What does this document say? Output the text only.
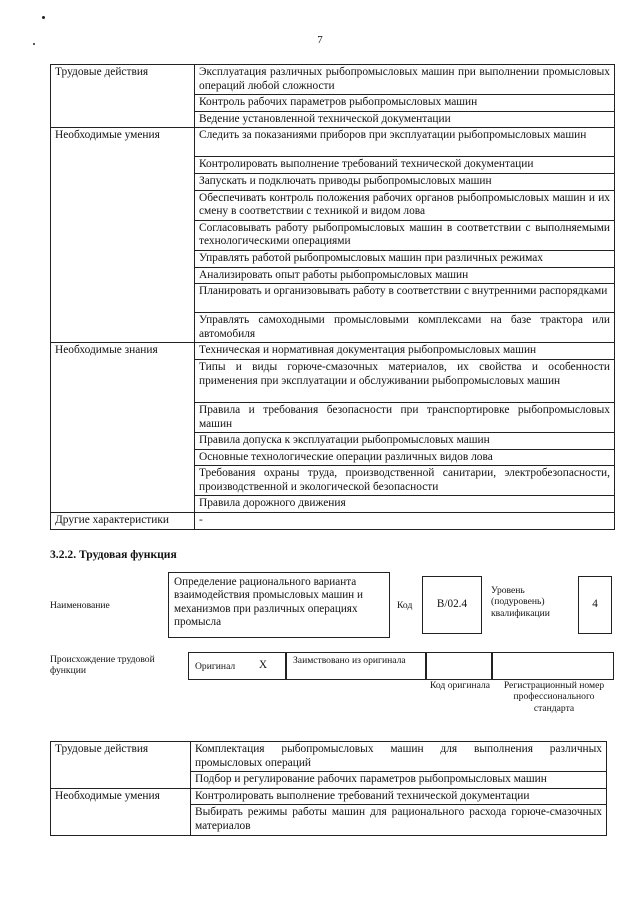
7
Трудовые действия	Эксплуатация различных рыбопромысловых машин при выполнении промысловых операций любой сложности
	Контроль рабочих параметров рыбопромысловых машин
	Ведение установленной технической документации
Необходимые умения	Следить за показаниями приборов при эксплуатации рыбопромысловых машин
	Контролировать выполнение требований технической документации
	Запускать и подключать приводы рыбопромысловых машин
	Обеспечивать контроль положения рабочих органов рыбопромысловых машин и их смену в соответствии с техникой и видом лова
	Согласовывать работу рыбопромысловых машин в соответствии с выполняемыми технологическими операциями
	Управлять работой рыбопромысловых машин при различных режимах
	Анализировать опыт работы рыбопромысловых машин
	Планировать и организовывать работу в соответствии с внутренними распорядками
	Управлять самоходными промысловыми комплексами на базе трактора или автомобиля
Необходимые знания	Техническая и нормативная документация рыбопромысловых машин
	Типы и виды горюче-смазочных материалов, их свойства и особенности применения при эксплуатации и обслуживании рыбопромысловых машин
	Правила и требования безопасности при транспортировке рыбопромысловых машин
	Правила допуска к эксплуатации рыбопромысловых машин
	Основные технологические операции различных видов лова
	Требования охраны труда, производственной санитарии, электробезопасности, производственной и экологической безопасности
	Правила дорожного движения
Другие характеристики	-
3.2.2. Трудовая функция
Наименование
Определение рационального варианта взаимодействия промысловых машин и механизмов при различных операциях промысла
Код B/02.4
Уровень (подуровень) квалификации
4
Происхождение трудовой функции	Оригинал X	Заимствовано из оригинала
Код оригинала	Регистрационный номер профессионального стандарта
Трудовые действия	Комплектация рыбопромысловых машин для выполнения различных промысловых операций
	Подбор и регулирование рабочих параметров рыбопромысловых машин
Необходимые умения	Контролировать выполнение требований технической документации
	Выбирать режимы работы машин для рационального расхода горюче-смазочных материалов
